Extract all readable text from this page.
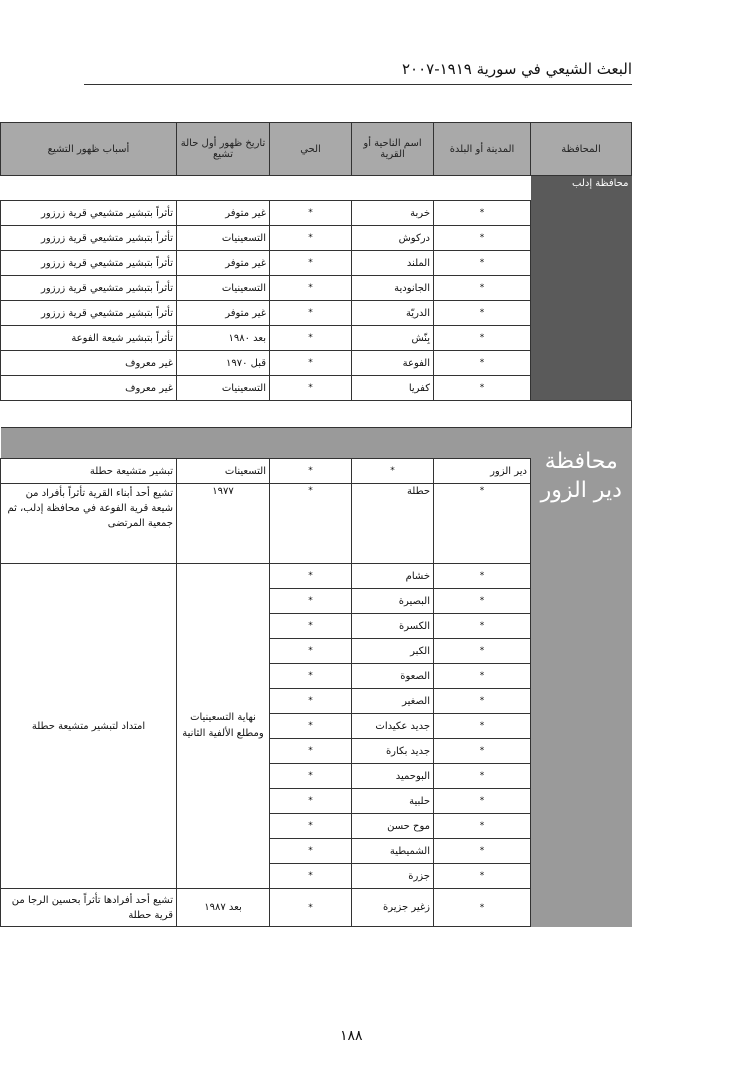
البعث الشيعي في سورية ١٩١٩-٢٠٠٧
المحافظة	المدينة أو البلدة	اسم الناحية أو القرية	الحي	تاريخ ظهور أول حالة تشيع	أسباب ظهور التشيع
محافظة إدلب					
	*	خربة	*	غير متوفر	تأثراً بتبشير متشيعي قرية زرزور
	*	دركوش	*	التسعينيات	تأثراً بتبشير متشيعي قرية زرزور
	*	الملند	*	غير متوفر	تأثراً بتبشير متشيعي قرية زرزور
	*	الجانودية	*	التسعينيات	تأثراً بتبشير متشيعي قرية زرزور
	*	الدريّة	*	غير متوفر	تأثراً بتبشير متشيعي قرية زرزور
	*	بِنّش	*	بعد ١٩٨٠	تأثراً بتبشير شيعة الفوعة
	*	الفوعة	*	قبل ١٩٧٠	غير معروف
	*	كفريا	*	التسعينيات	غير معروف

محافظة دير الزور					
	دير الزور	*	*	التسعينات	تبشير متشيعة حطلة
	*	حطلة	*	١٩٧٧	تشيع أحد أبناء القرية تأثراً بأفراد من شيعة قرية الفوعة في محافظة إدلب، ثم جمعية المرتضى
	*	خشام	*	نهاية التسعينيات ومطلع الألفية الثانية	امتداد لتبشير متشيعة حطلة
	*	البصيرة	*		
	*	الكسرة	*		
	*	الكبر	*		
	*	الصعوة	*		
	*	الصغير	*		
	*	جديد عكيدات	*		
	*	جديد بكارة	*		
	*	البوحميد	*		
	*	حلبية	*		
	*	موح حسن	*		
	*	الشميطية	*		
	*	جزرة	*		
	*	زغير جزيرة	*	بعد ١٩٨٧	تشيع أحد أفرادها تأثراً بحسين الرجا من قرية حطلة
١٨٨
